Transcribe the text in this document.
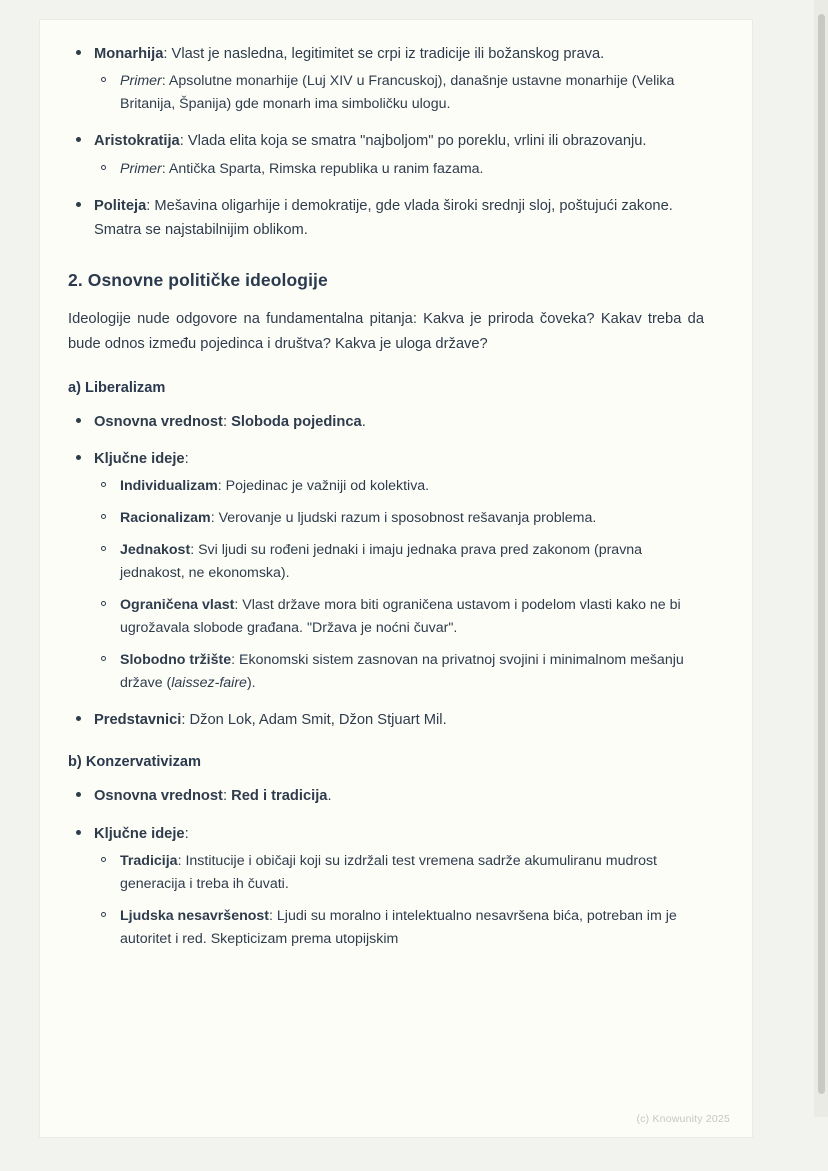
Monarhija: Vlast je nasledna, legitimitet se crpi iz tradicije ili božanskog prava.
Primer: Apsolutne monarhije (Luj XIV u Francuskoj), današnje ustavne monarhije (Velika Britanija, Španija) gde monarh ima simboličku ulogu.
Aristokratija: Vlada elita koja se smatra "najboljom" po poreklu, vrlini ili obrazovanju.
Primer: Antička Sparta, Rimska republika u ranim fazama.
Politeja: Mešavina oligarhije i demokratije, gde vlada široki srednji sloj, poštujući zakone. Smatra se najstabilnijim oblikom.
2. Osnovne političke ideologije

Ideologije nude odgovore na fundamentalna pitanja: Kakva je priroda čoveka? Kakav treba da bude odnos između pojedinca i društva? Kakva je uloga države?

a) Liberalizam
Osnovna vrednost: Sloboda pojedinca.
Ključne ideje:
Individualizam: Pojedinac je važniji od kolektiva.
Racionalizam: Verovanje u ljudski razum i sposobnost rešavanja problema.
Jednakost: Svi ljudi su rođeni jednaki i imaju jednaka prava pred zakonom (pravna jednakost, ne ekonomska).
Ograničena vlast: Vlast države mora biti ograničena ustavom i podelom vlasti kako ne bi ugrožavala slobode građana. "Država je noćni čuvar".
Slobodno tržište: Ekonomski sistem zasnovan na privatnoj svojini i minimalnom mešanju države (laissez-faire).
Predstavnici: Džon Lok, Adam Smit, Džon Stjuart Mil.
b) Konzervativizam
Osnovna vrednost: Red i tradicija.
Ključne ideje:
Tradicija: Institucije i običaji koji su izdržali test vremena sadrže akumuliranu mudrost generacija i treba ih čuvati.
Ljudska nesavršenost: Ljudi su moralno i intelektualno nesavršena bića, potreban im je autoritet i red. Skepticizam prema utopijskim
(c) Knowunity 2025
